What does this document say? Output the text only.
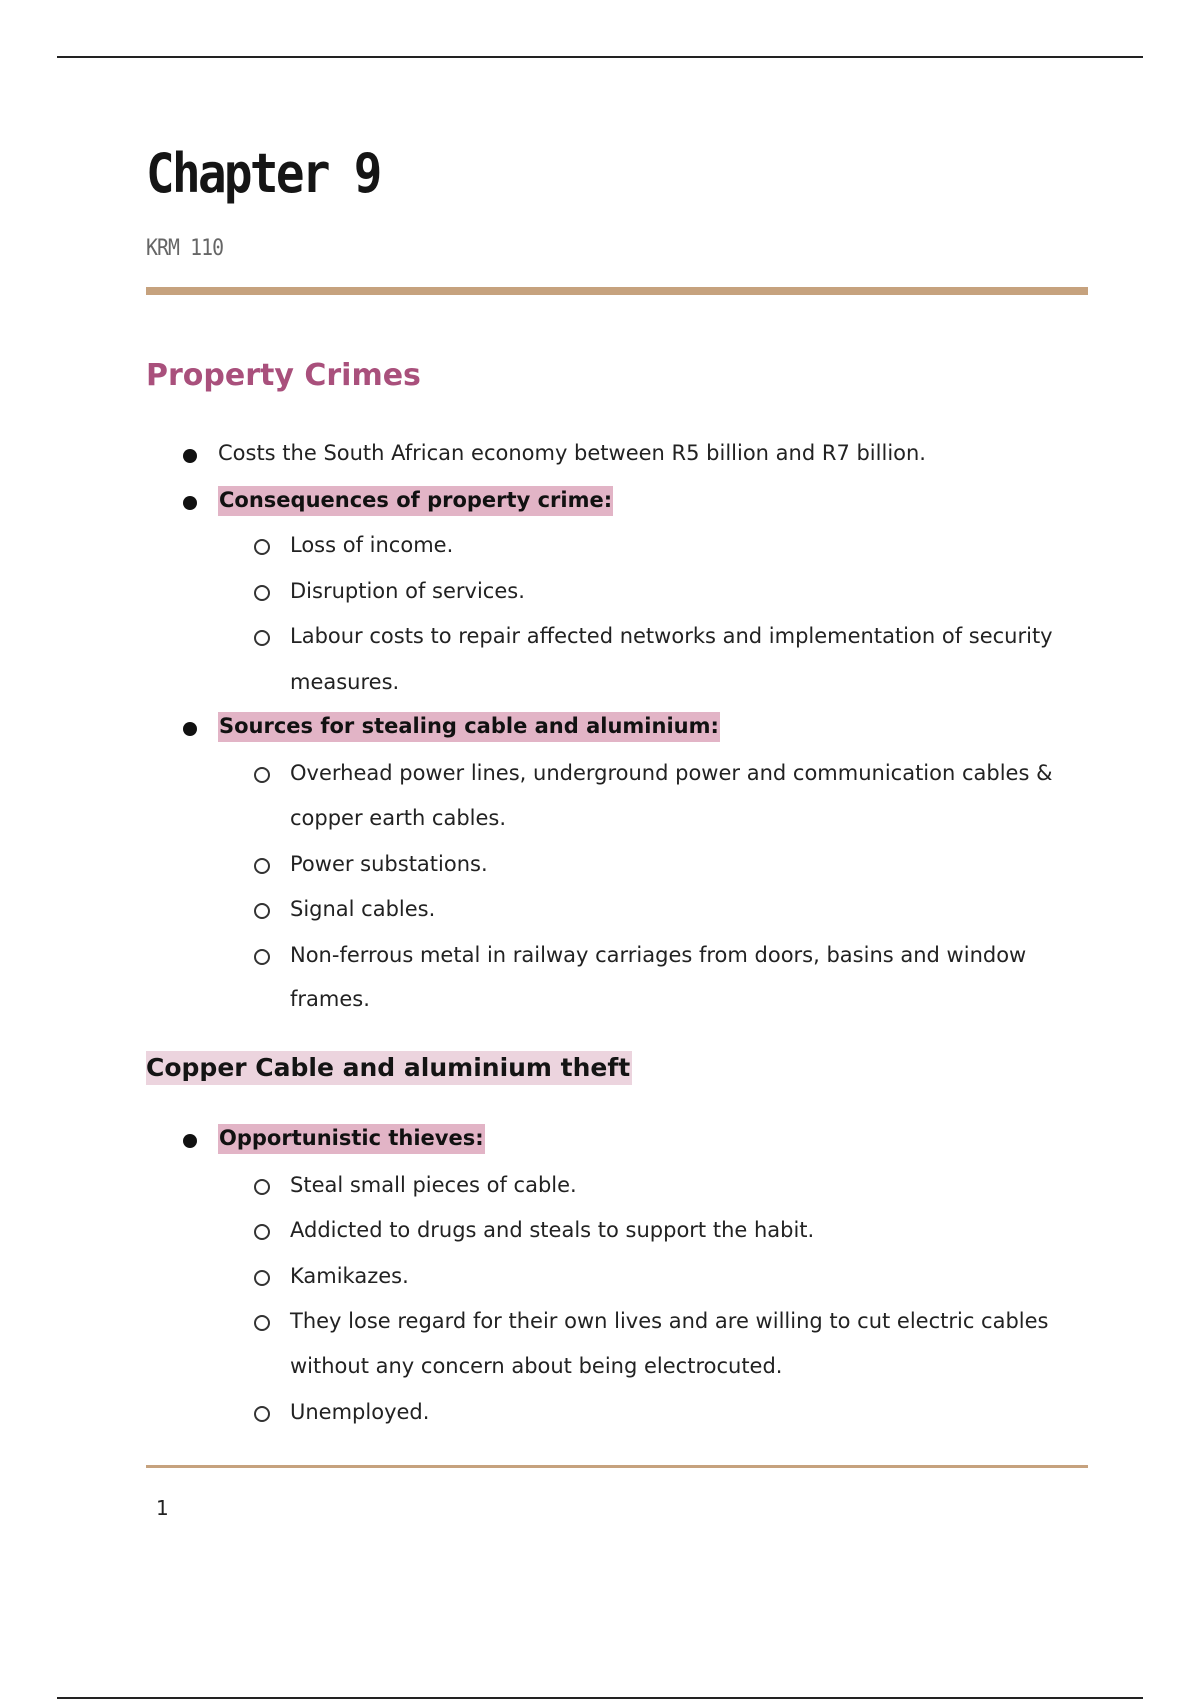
Chapter 9
KRM 110
Property Crimes
Costs the South African economy between R5 billion and R7 billion.
Consequences of property crime:
Loss of income.
Disruption of services.
Labour costs to repair affected networks and implementation of security
measures.
Sources for stealing cable and aluminium:
Overhead power lines, underground power and communication cables &
copper earth cables.
Power substations.
Signal cables.
Non-ferrous metal in railway carriages from doors, basins and window
frames.
Copper Cable and aluminium theft
Opportunistic thieves:
Steal small pieces of cable.
Addicted to drugs and steals to support the habit.
Kamikazes.
They lose regard for their own lives and are willing to cut electric cables
without any concern about being electrocuted.
Unemployed.
1
